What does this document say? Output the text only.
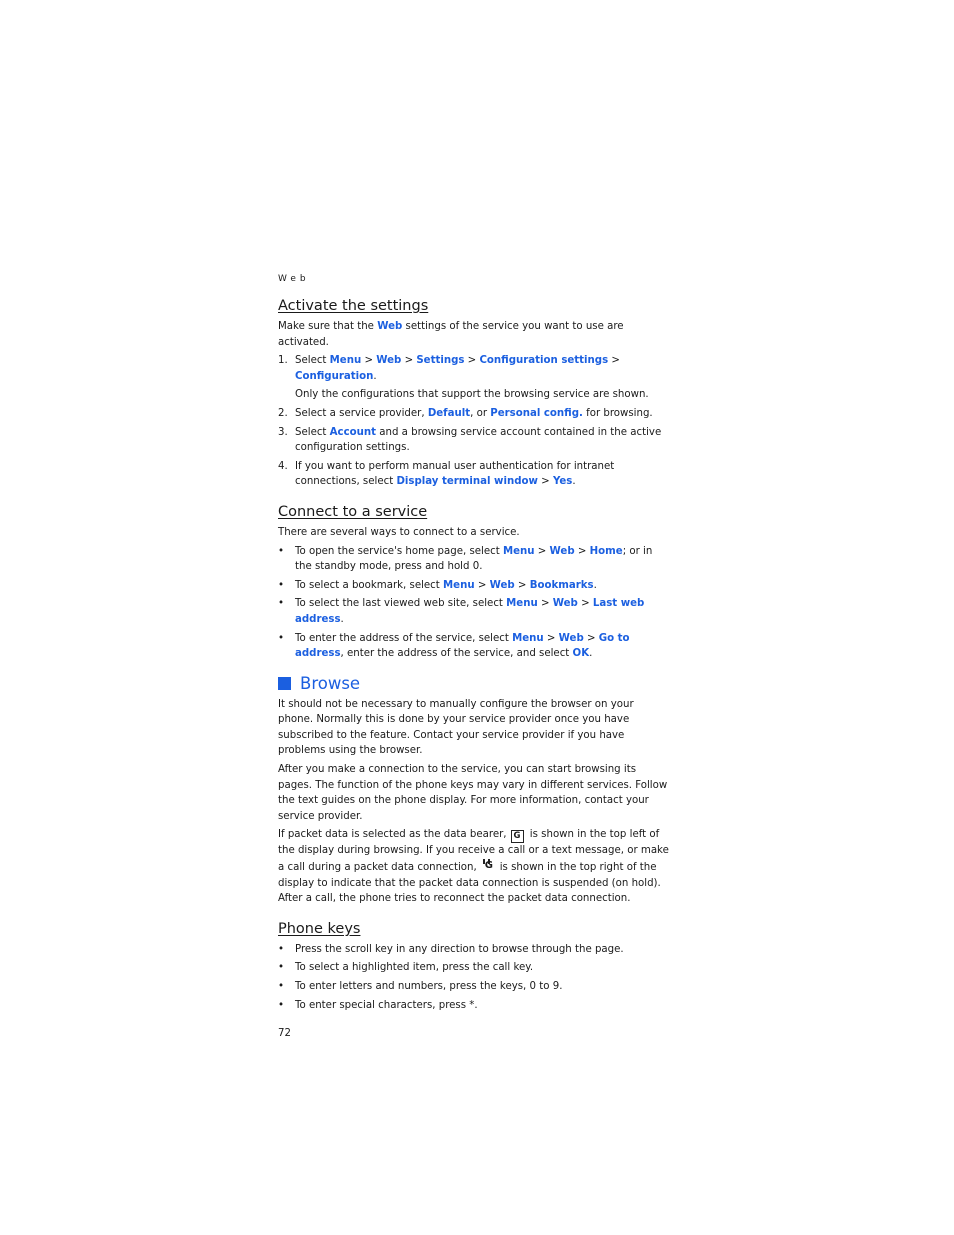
Web
Activate the settings

Make sure that the Web settings of the service you want to use are activated.

1. Select Menu > Web > Settings > Configuration settings > Configuration.
Only the configurations that support the browsing service are shown.
2. Select a service provider, Default, or Personal config. for browsing.
3. Select Account and a browsing service account contained in the active configuration settings.
4. If you want to perform manual user authentication for intranet connections, select Display terminal window > Yes.
Connect to a service

There are several ways to connect to a service.

• To open the service's home page, select Menu > Web > Home; or in the standby mode, press and hold 0.
• To select a bookmark, select Menu > Web > Bookmarks.
• To select the last viewed web site, select Menu > Web > Last web address.
• To enter the address of the service, select Menu > Web > Go to address, enter the address of the service, and select OK.
Browse

It should not be necessary to manually configure the browser on your phone. Normally this is done by your service provider once you have subscribed to the feature. Contact your service provider if you have problems using the browser.

After you make a connection to the service, you can start browsing its pages. The function of the phone keys may vary in different services. Follow the text guides on the phone display. For more information, contact your service provider.

If packet data is selected as the data bearer, G is shown in the top left of the display during browsing. If you receive a call or a text message, or make a call during a packet data connection, G is shown in the top right of the display to indicate that the packet data connection is suspended (on hold). After a call, the phone tries to reconnect the packet data connection.

Phone keys
• Press the scroll key in any direction to browse through the page.
• To select a highlighted item, press the call key.
• To enter letters and numbers, press the keys, 0 to 9.
• To enter special characters, press *.
72
